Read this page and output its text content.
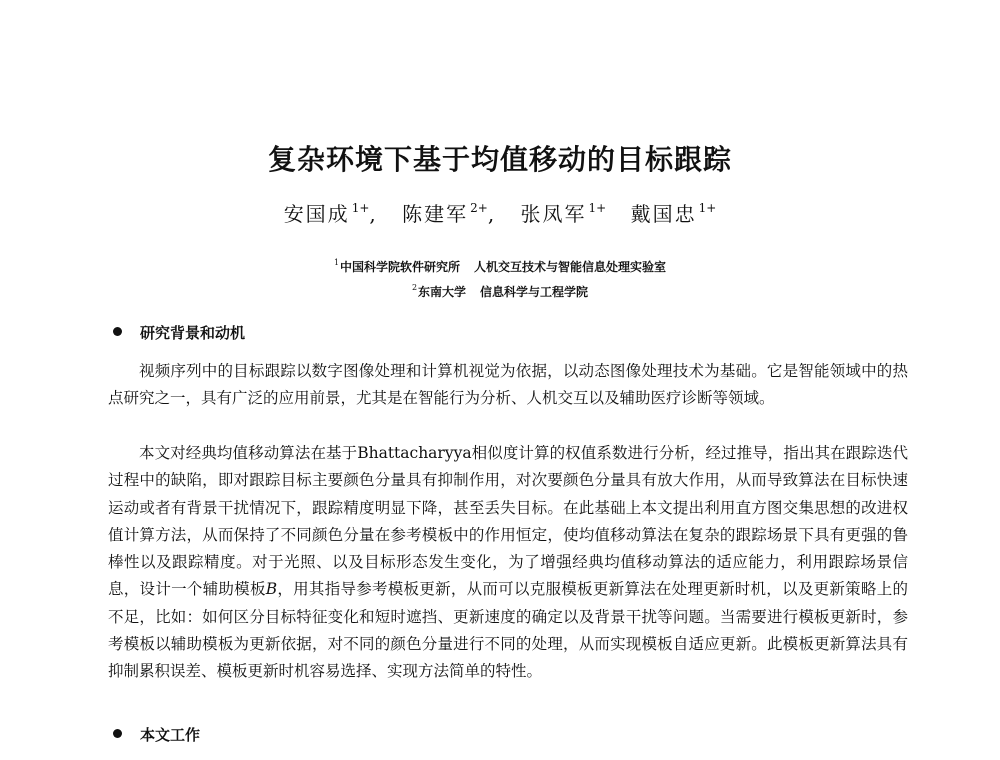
复杂环境下基于均值移动的目标跟踪
安国成 $^{1+}$, 陈建军 $^{2+}$, 张凤军 $^{1+}$ 戴国忠 $^{1+}$
$^1$中国科学院软件研究所 人机交互技术与智能信息处理实验室
$^2$东南大学 信息科学与工程学院
研究背景和动机

视频序列中的目标跟踪以数字图像处理和计算机视觉为依据，以动态图像处理技术为基础。它是智能领域中的热点研究之一，具有广泛的应用前景，尤其是在智能行为分析、人机交互以及辅助医疗诊断等领域。

本文对经典均值移动算法在基于Bhattacharyya相似度计算的权值系数进行分析，经过推导，指出其在跟踪迭代过程中的缺陷，即对跟踪目标主要颜色分量具有抑制作用，对次要颜色分量具有放大作用，从而导致算法在目标快速运动或者有背景干扰情况下，跟踪精度明显下降，甚至丢失目标。在此基础上本文提出利用直方图交集思想的改进权值计算方法，从而保持了不同颜色分量在参考模板中的作用恒定，使均值移动算法在复杂的跟踪场景下具有更强的鲁棒性以及跟踪精度。对于光照、以及目标形态发生变化，为了增强经典均值移动算法的适应能力，利用跟踪场景信息，设计一个辅助模板B，用其指导参考模板更新，从而可以克服模板更新算法在处理更新时机，以及更新策略上的不足，比如：如何区分目标特征变化和短时遮挡、更新速度的确定以及背景干扰等问题。当需要进行模板更新时，参考模板以辅助模板为更新依据，对不同的颜色分量进行不同的处理，从而实现模板自适应更新。此模板更新算法具有抑制累积误差、模板更新时机容易选择、实现方法简单的特性。

本文工作
